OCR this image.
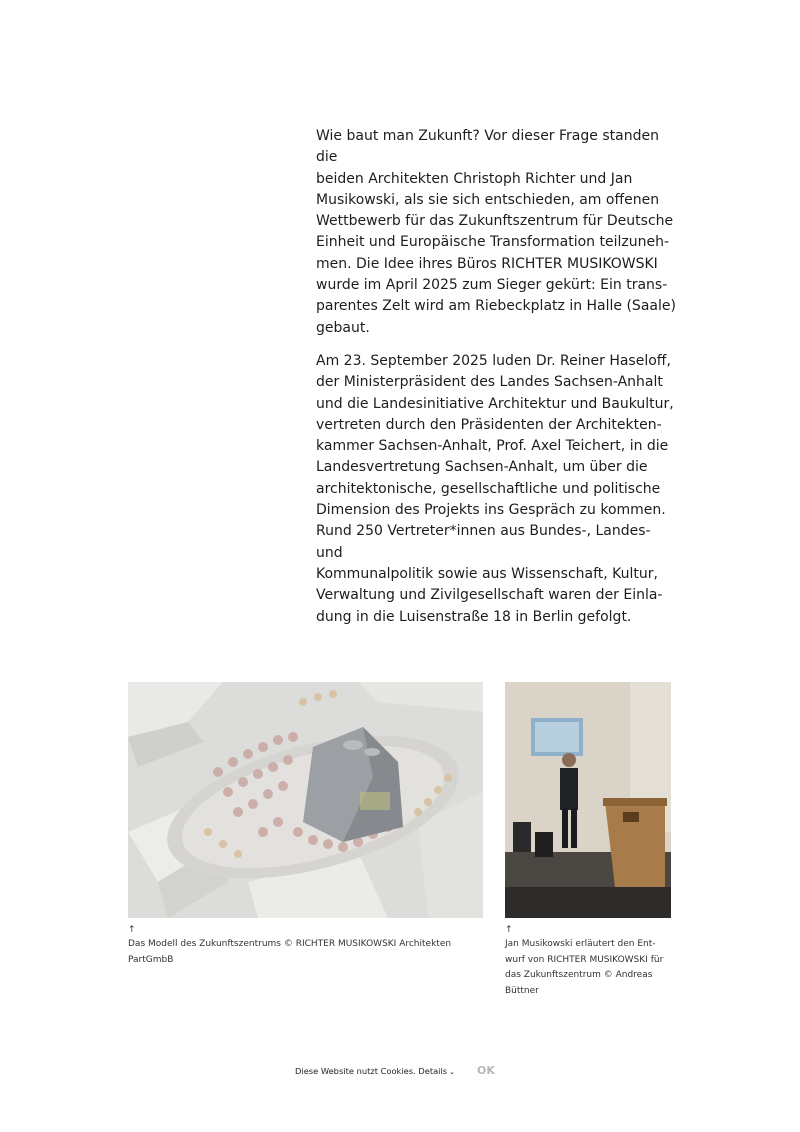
Wie baut man Zukunft? Vor dieser Frage standen die
beiden Architekten Christoph Richter und Jan
Musikowski, als sie sich entschieden, am offenen
Wettbewerb für das Zukunftszentrum für Deutsche
Einheit und Europäische Transformation teilzuneh-
men. Die Idee ihres Büros RICHTER MUSIKOWSKI
wurde im April 2025 zum Sieger gekürt: Ein trans-
parentes Zelt wird am Riebeckplatz in Halle (Saale)
gebaut.

Am 23. September 2025 luden Dr. Reiner Haseloff,
der Ministerpräsident des Landes Sachsen-Anhalt
und die Landesinitiative Architektur und Baukultur,
vertreten durch den Präsidenten der Architekten-
kammer Sachsen-Anhalt, Prof. Axel Teichert, in die
Landesvertretung Sachsen-Anhalt, um über die
architektonische, gesellschaftliche und politische
Dimension des Projekts ins Gespräch zu kommen.
Rund 250 Vertreter*innen aus Bundes-, Landes- und
Kommunalpolitik sowie aus Wissenschaft, Kultur,
Verwaltung und Zivilgesellschaft waren der Einla-
dung in die Luisenstraße 18 in Berlin gefolgt.

↑
Das Modell des Zukunftszentrums © RICHTER MUSIKOWSKI Architekten
PartGmbB
↑
Jan Musikowski erläutert den Ent-
wurf von RICHTER MUSIKOWSKI für
das Zukunftszentrum © Andreas
Büttner
Diese Website nutzt Cookies. Details ⌄ OK
